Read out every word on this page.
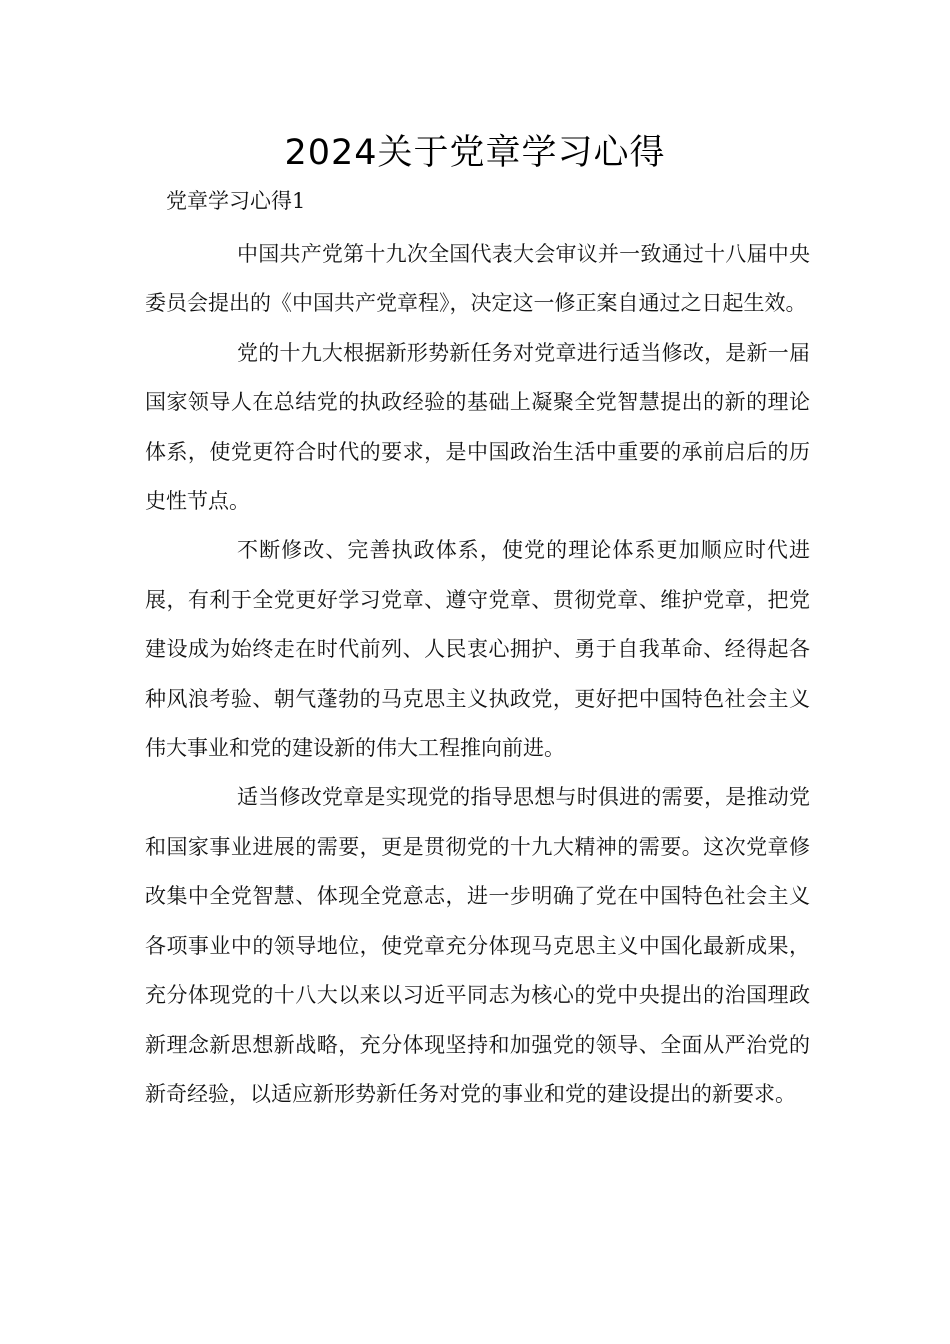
2024关于党章学习心得

党章学习心得1

中国共产党第十九次全国代表大会审议并一致通过十八届中央委员会提出的《中国共产党章程》，决定这一修正案自通过之日起生效。

党的十九大根据新形势新任务对党章进行适当修改，是新一届国家领导人在总结党的执政经验的基础上凝聚全党智慧提出的新的理论体系，使党更符合时代的要求，是中国政治生活中重要的承前启后的历史性节点。

不断修改、完善执政体系，使党的理论体系更加顺应时代进展，有利于全党更好学习党章、遵守党章、贯彻党章、维护党章，把党建设成为始终走在时代前列、人民衷心拥护、勇于自我革命、经得起各种风浪考验、朝气蓬勃的马克思主义执政党，更好把中国特色社会主义伟大事业和党的建设新的伟大工程推向前进。

适当修改党章是实现党的指导思想与时俱进的需要，是推动党和国家事业进展的需要，更是贯彻党的十九大精神的需要。这次党章修改集中全党智慧、体现全党意志，进一步明确了党在中国特色社会主义各项事业中的领导地位，使党章充分体现马克思主义中国化最新成果，充分体现党的十八大以来以习近平同志为核心的党中央提出的治国理政新理念新思想新战略，充分体现坚持和加强党的领导、全面从严治党的新奇经验，以适应新形势新任务对党的事业和党的建设提出的新要求。
